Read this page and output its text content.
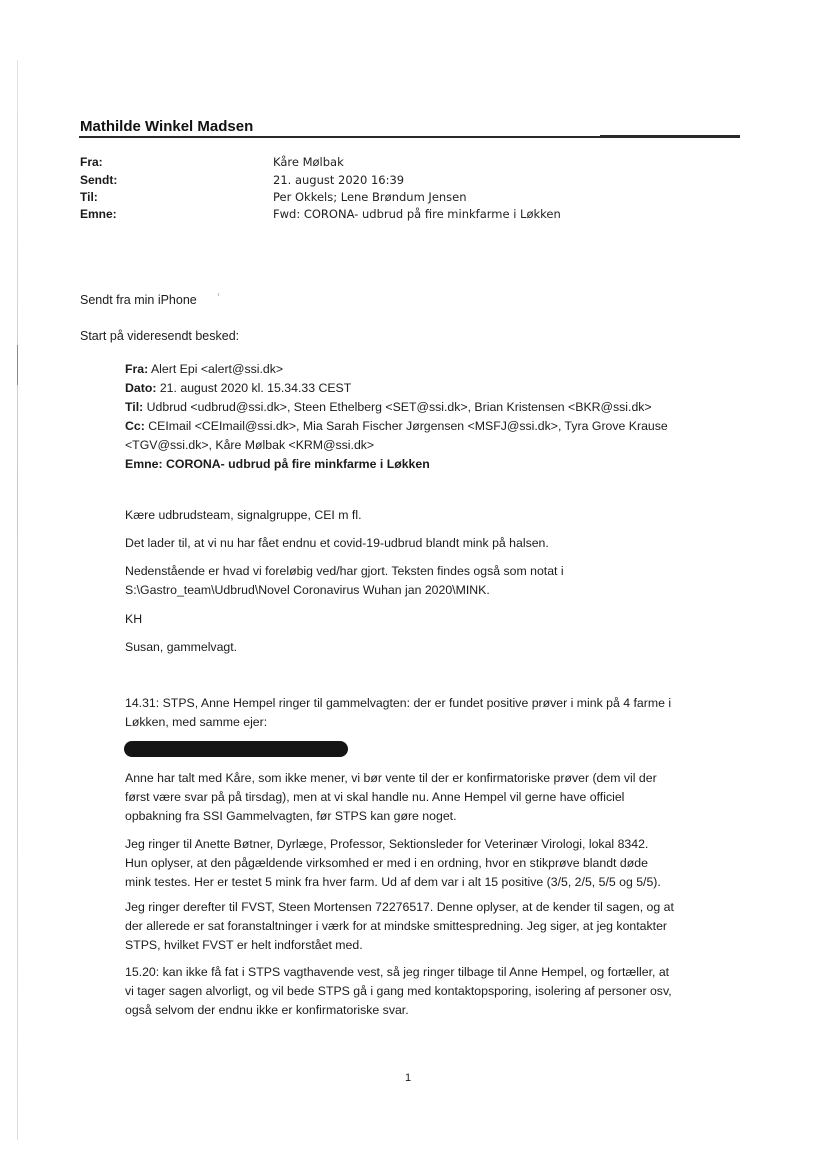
Mathilde Winkel Madsen
Fra:	Kåre Mølbak
Sendt:	21. august 2020 16:39
Til:	Per Okkels; Lene Brøndum Jensen
Emne:	Fwd: CORONA- udbrud på fire minkfarme i Løkken
Sendt fra min iPhone
Start på videresendt besked:
Fra: Alert Epi <alert@ssi.dk>
Dato: 21. august 2020 kl. 15.34.33 CEST
Til: Udbrud <udbrud@ssi.dk>, Steen Ethelberg <SET@ssi.dk>, Brian Kristensen <BKR@ssi.dk>
Cc: CEImail <CEImail@ssi.dk>, Mia Sarah Fischer Jørgensen <MSFJ@ssi.dk>, Tyra Grove Krause
<TGV@ssi.dk>, Kåre Mølbak <KRM@ssi.dk>
Emne: CORONA- udbrud på fire minkfarme i Løkken
Kære udbrudsteam, signalgruppe, CEI m fl.
Det lader til, at vi nu har fået endnu et covid-19-udbrud blandt mink på halsen.
Nedenstående er hvad vi foreløbig ved/har gjort. Teksten findes også som notat i
S:\Gastro_team\Udbrud\Novel Coronavirus Wuhan jan 2020\MINK.
KH
Susan, gammelvagt.
14.31: STPS, Anne Hempel ringer til gammelvagten: der er fundet positive prøver i mink på 4 farme i
Løkken, med samme ejer:
Anne har talt med Kåre, som ikke mener, vi bør vente til der er konfirmatoriske prøver (dem vil der
først være svar på på tirsdag), men at vi skal handle nu. Anne Hempel vil gerne have officiel
opbakning fra SSI Gammelvagten, før STPS kan gøre noget.
Jeg ringer til Anette Bøtner, Dyrlæge, Professor, Sektionsleder for Veterinær Virologi, lokal 8342.
Hun oplyser, at den pågældende virksomhed er med i en ordning, hvor en stikprøve blandt døde
mink testes. Her er testet 5 mink fra hver farm. Ud af dem var i alt 15 positive (3/5, 2/5, 5/5 og 5/5).
Jeg ringer derefter til FVST, Steen Mortensen 72276517. Denne oplyser, at de kender til sagen, og at
der allerede er sat foranstaltninger i værk for at mindske smittespredning. Jeg siger, at jeg kontakter
STPS, hvilket FVST er helt indforstået med.
15.20: kan ikke få fat i STPS vagthavende vest, så jeg ringer tilbage til Anne Hempel, og fortæller, at
vi tager sagen alvorligt, og vil bede STPS gå i gang med kontaktopsporing, isolering af personer osv,
også selvom der endnu ikke er konfirmatoriske svar.
1
